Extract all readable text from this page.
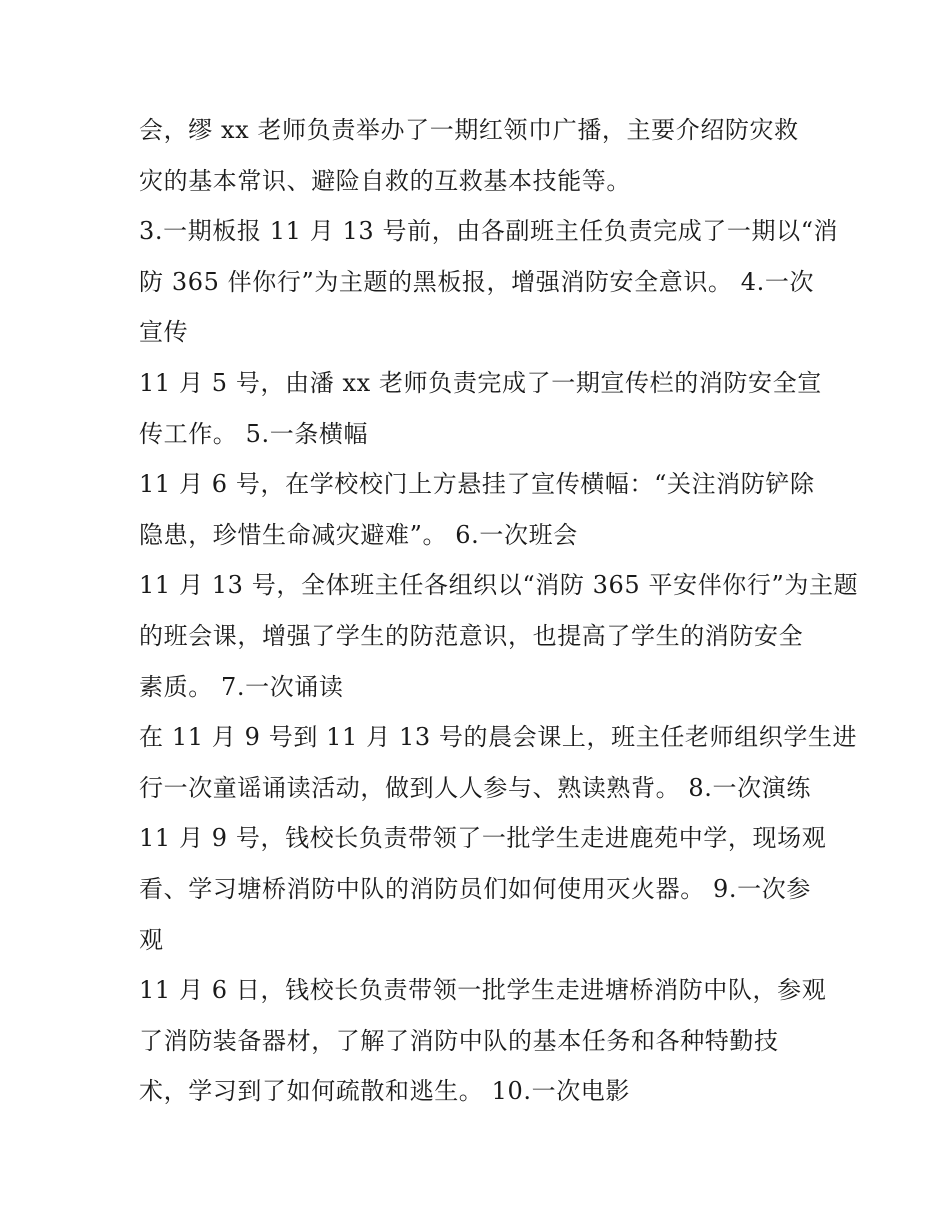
会，缪 xx 老师负责举办了一期红领巾广播，主要介绍防灾救
灾的基本常识、避险自救的互救基本技能等。
3.一期板报 11 月 13 号前，由各副班主任负责完成了一期以“消
防 365 伴你行”为主题的黑板报，增强消防安全意识。 4.一次
宣传
11 月 5 号，由潘 xx 老师负责完成了一期宣传栏的消防安全宣
传工作。 5.一条横幅
11 月 6 号，在学校校门上方悬挂了宣传横幅：“关注消防铲除
隐患，珍惜生命减灾避难”。 6.一次班会
11 月 13 号，全体班主任各组织以“消防 365 平安伴你行”为主题
的班会课，增强了学生的防范意识，也提高了学生的消防安全
素质。 7.一次诵读
在 11 月 9 号到 11 月 13 号的晨会课上，班主任老师组织学生进
行一次童谣诵读活动，做到人人参与、熟读熟背。 8.一次演练
11 月 9 号，钱校长负责带领了一批学生走进鹿苑中学，现场观
看、学习塘桥消防中队的消防员们如何使用灭火器。 9.一次参
观
11 月 6 日，钱校长负责带领一批学生走进塘桥消防中队，参观
了消防装备器材，了解了消防中队的基本任务和各种特勤技
术，学习到了如何疏散和逃生。 10.一次电影
